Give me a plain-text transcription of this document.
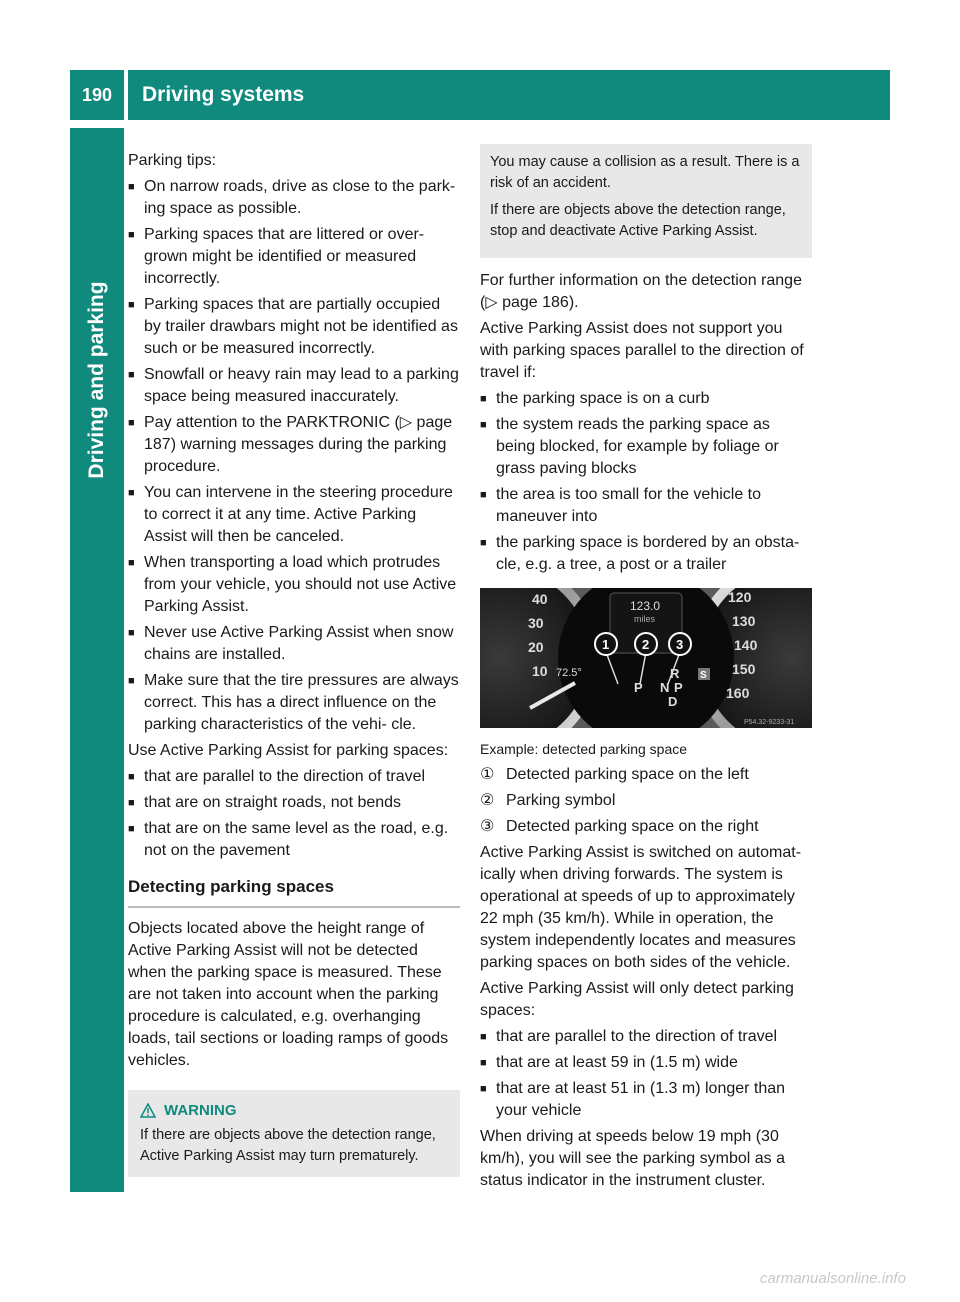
190	Driving systems
Driving and parking

Parking tips:

■ On narrow roads, drive as close to the park- ing space as possible.
■ Parking spaces that are littered or over- grown might be identified or measured incorrectly.
■ Parking spaces that are partially occupied by trailer drawbars might not be identified as such or be measured incorrectly.
■ Snowfall or heavy rain may lead to a parking space being measured inaccurately.
■ Pay attention to the PARKTRONIC (▷ page 187) warning messages during the parking procedure.
■ You can intervene in the steering procedure to correct it at any time. Active Parking Assist will then be canceled.
■ When transporting a load which protrudes from your vehicle, you should not use Active Parking Assist.
■ Never use Active Parking Assist when snow chains are installed.
■ Make sure that the tire pressures are always correct. This has a direct influence on the parking characteristics of the vehi- cle.

Use Active Parking Assist for parking spaces:

■ that are parallel to the direction of travel
■ that are on straight roads, not bends
■ that are on the same level as the road, e.g. not on the pavement
Detecting parking spaces

Objects located above the height range of Active Parking Assist will not be detected when the parking space is measured. These are not taken into account when the parking procedure is calculated, e.g. overhanging loads, tail sections or loading ramps of goods vehicles.

WARNING
If there are objects above the detection range, Active Parking Assist may turn prematurely.

You may cause a collision as a result. There is a risk of an accident.

If there are objects above the detection range, stop and deactivate Active Parking Assist.

For further information on the detection range (▷ page 186).

Active Parking Assist does not support you with parking spaces parallel to the direction of travel if:

■ the parking space is on a curb
■ the system reads the parking space as being blocked, for example by foliage or grass paving blocks
■ the area is too small for the vehicle to maneuver into
■ the parking space is bordered by an obsta- cle, e.g. a tree, a post or a trailer
40
30
20
10
120
130
140
150
160
123.0
miles
72.5°
1	2 3
R
N P
D
P
S
P54.32-9233-31
Example: detected parking space
① Detected parking space on the left
② Parking symbol
③ Detected parking space on the right

Active Parking Assist is switched on automat- ically when driving forwards. The system is operational at speeds of up to approximately 22 mph (35 km/h). While in operation, the system independently locates and measures parking spaces on both sides of the vehicle.

Active Parking Assist will only detect parking spaces:

■ that are parallel to the direction of travel
■ that are at least 59 in (1.5 m) wide
■ that are at least 51 in (1.3 m) longer than your vehicle

When driving at speeds below 19 mph (30 km/h), you will see the parking symbol as a status indicator in the instrument cluster.

carmanualsonline.info
